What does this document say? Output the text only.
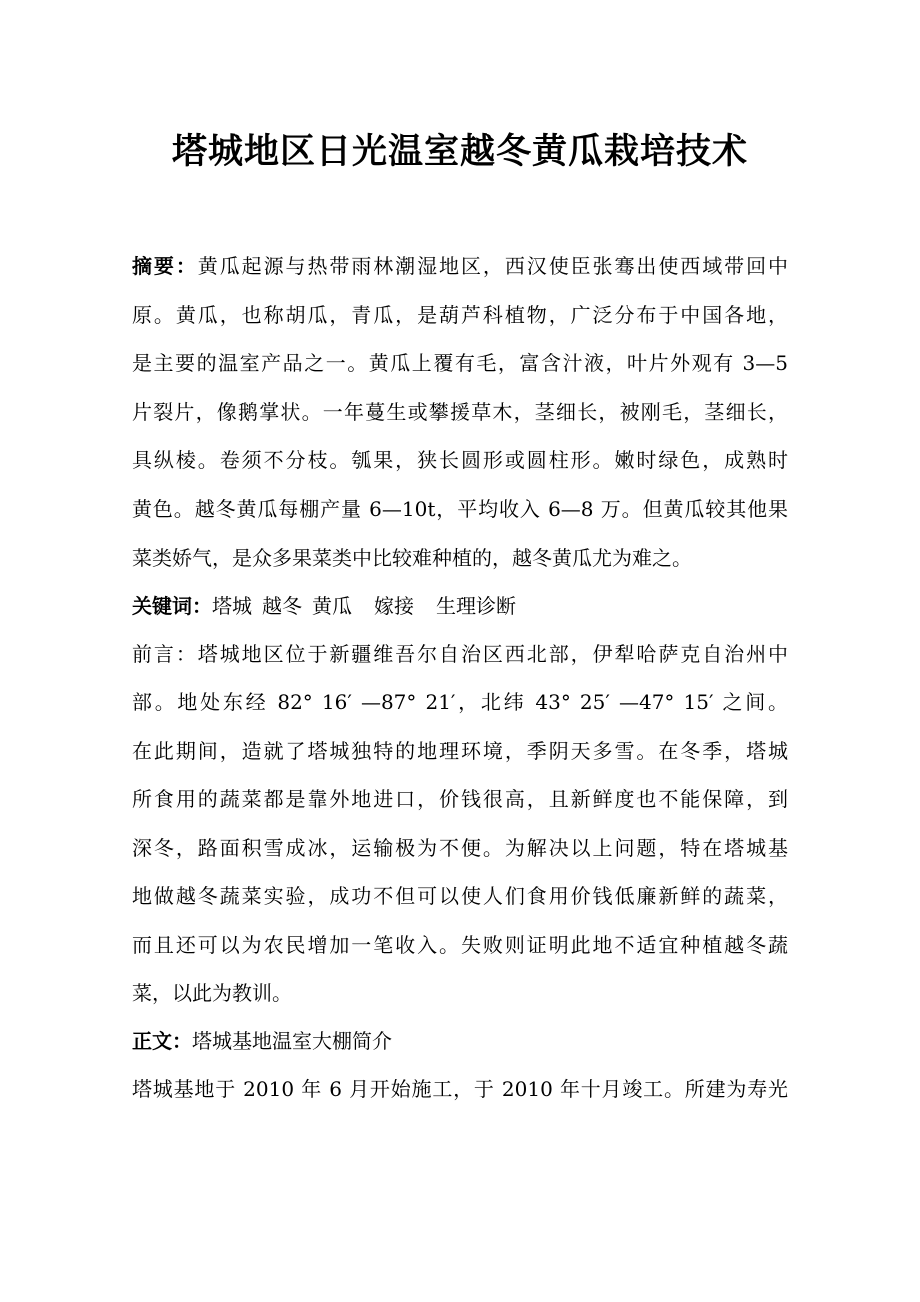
塔城地区日光温室越冬黄瓜栽培技术
摘要：黄瓜起源与热带雨林潮湿地区，西汉使臣张骞出使西域带回中
原。黄瓜，也称胡瓜，青瓜，是葫芦科植物，广泛分布于中国各地，
是主要的温室产品之一。黄瓜上覆有毛，富含汁液，叶片外观有 3—5
片裂片，像鹅掌状。一年蔓生或攀援草木，茎细长，被刚毛，茎细长，
具纵棱。卷须不分枝。瓠果，狭长圆形或圆柱形。嫩时绿色，成熟时
黄色。越冬黄瓜每棚产量 6—10t，平均收入 6—8 万。但黄瓜较其他果
菜类娇气，是众多果菜类中比较难种植的，越冬黄瓜尤为难之。
关键词：塔城 越冬 黄瓜 嫁接 生理诊断
前言：塔城地区位于新疆维吾尔自治区西北部，伊犁哈萨克自治州中
部。地处东经 82° 16′ —87° 21′，北纬 43° 25′ —47° 15′ 之间。
在此期间，造就了塔城独特的地理环境，季阴天多雪。在冬季，塔城
所食用的蔬菜都是靠外地进口，价钱很高，且新鲜度也不能保障，到
深冬，路面积雪成冰，运输极为不便。为解决以上问题，特在塔城基
地做越冬蔬菜实验，成功不但可以使人们食用价钱低廉新鲜的蔬菜，
而且还可以为农民增加一笔收入。失败则证明此地不适宜种植越冬蔬
菜，以此为教训。
正文：塔城基地温室大棚简介
塔城基地于 2010 年 6 月开始施工，于 2010 年十月竣工。所建为寿光
